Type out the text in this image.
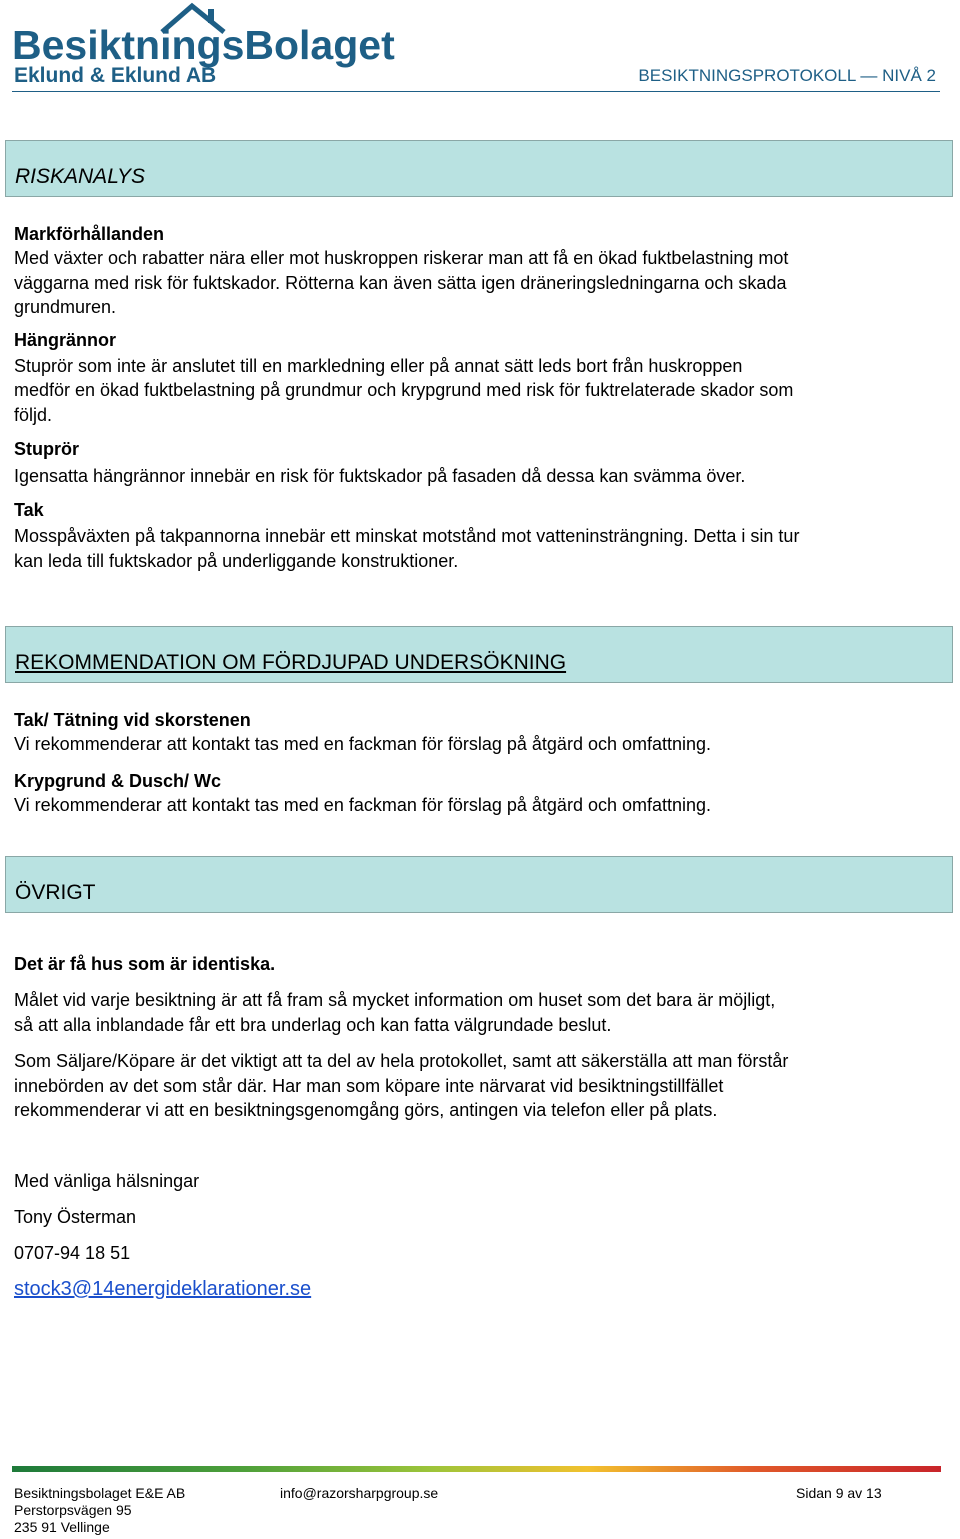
BesiktningsBolaget
Eklund & Eklund AB	BESIKTNINGSPROTOKOLL — NIVÅ 2
RISKANALYS
Markförhållanden
Med växter och rabatter nära eller mot huskroppen riskerar man att få en ökad fuktbelastning mot
väggarna med risk för fuktskador. Rötterna kan även sätta igen dräneringsledningarna och skada
grundmuren.
Hängrännor
Stuprör som inte är anslutet till en markledning eller på annat sätt leds bort från huskroppen
medför en ökad fuktbelastning på grundmur och krypgrund med risk för fuktrelaterade skador som
följd.
Stuprör
Igensatta hängrännor innebär en risk för fuktskador på fasaden då dessa kan svämma över.
Tak
Mosspåväxten på takpannorna innebär ett minskat motstånd mot vatteninsträngning. Detta i sin tur
kan leda till fuktskador på underliggande konstruktioner.
REKOMMENDATION OM FÖRDJUPAD UNDERSÖKNING
Tak/ Tätning vid skorstenen
Vi rekommenderar att kontakt tas med en fackman för förslag på åtgärd och omfattning.
Krypgrund & Dusch/ Wc
Vi rekommenderar att kontakt tas med en fackman för förslag på åtgärd och omfattning.
ÖVRIGT
Det är få hus som är identiska.
Målet vid varje besiktning är att få fram så mycket information om huset som det bara är möjligt,
så att alla inblandade får ett bra underlag och kan fatta välgrundade beslut.
Som Säljare/Köpare är det viktigt att ta del av hela protokollet, samt att säkerställa att man förstår
innebörden av det som står där. Har man som köpare inte närvarat vid besiktningstillfället
rekommenderar vi att en besiktningsgenomgång görs, antingen via telefon eller på plats.
Med vänliga hälsningar
Tony Österman
0707-94 18 51
stock3@14energideklarationer.se
Besiktningsbolaget E&E AB
Perstorpsvägen 95
235 91 Vellinge
info@razorsharpgroup.se	Sidan 9 av 13
